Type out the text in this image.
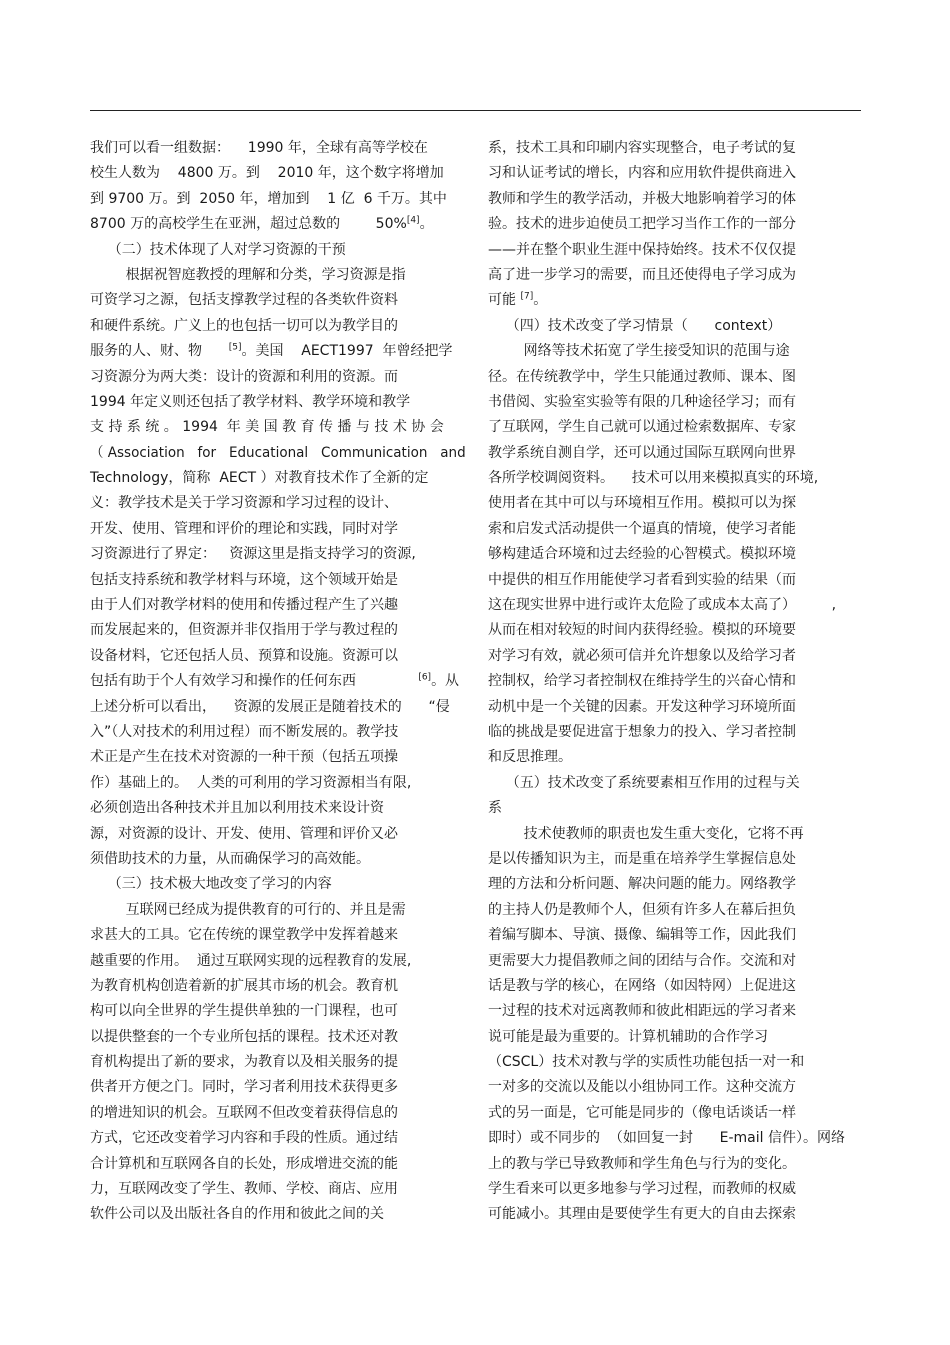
我们可以看一组数据：    1990 年，全球有高等学校在
校生人数为    4800 万。到    2010 年，这个数字将增加
到 9700 万。到  2050 年，增加到    1 亿  6 千万。其中
8700 万的高校学生在亚洲，超过总数的        50%[4]。
（二）技术体现了人对学习资源的干预
根据祝智庭教授的理解和分类，学习资源是指
可资学习之源，包括支撑教学过程的各类软件资料
和硬件系统。广义上的也包括一切可以为教学目的
服务的人、财、物	[5]。美国    AECT1997  年曾经把学
习资源分为两大类：设计的资源和利用的资源。而
1994 年定义则还包括了教学材料、教学环境和教学
支 持 系 统 。 1994  年 美 国 教 育 传 播 与 技 术 协 会
（ Association   for   Educational   Communication   and
Technology，简称  AECT ）对教育技术作了全新的定
义：教学技术是关于学习资源和学习过程的设计、
开发、使用、管理和评价的理论和实践，同时对学
习资源进行了界定：   资源这里是指支持学习的资源,
包括支持系统和教学材料与环境，这个领域开始是
由于人们对教学材料的使用和传播过程产生了兴趣
而发展起来的，但资源并非仅指用于学与教过程的
设备材料，它还包括人员、预算和设施。资源可以
包括有助于个人有效学习和操作的任何东西	[6]。从
上述分析可以看出，    资源的发展正是随着技术的      “侵
入”（人对技术的利用过程）而不断发展的。教学技
术正是产生在技术对资源的一种干预（包括五项操
作）基础上的。  人类的可利用的学习资源相当有限,
必须创造出各种技术并且加以利用技术来设计资
源，对资源的设计、开发、使用、管理和评价又必
须借助技术的力量，从而确保学习的高效能。
（三）技术极大地改变了学习的内容
互联网已经成为提供教育的可行的、并且是需
求甚大的工具。它在传统的课堂教学中发挥着越来
越重要的作用。  通过互联网实现的远程教育的发展,
为教育机构创造着新的扩展其市场的机会。教育机
构可以向全世界的学生提供单独的一门课程，也可
以提供整套的一个专业所包括的课程。技术还对教
育机构提出了新的要求，为教育以及相关服务的提
供者开方便之门。同时，学习者利用技术获得更多
的增进知识的机会。互联网不但改变着获得信息的
方式，它还改变着学习内容和手段的性质。通过结
合计算机和互联网各自的长处，形成增进交流的能
力，互联网改变了学生、教师、学校、商店、应用
软件公司以及出版社各自的作用和彼此之间的关
系，技术工具和印刷内容实现整合，电子考试的复
习和认证考试的增长，内容和应用软件提供商进入
教师和学生的教学活动，并极大地影响着学习的体
验。技术的进步迫使员工把学习当作工作的一部分
——并在整个职业生涯中保持始终。技术不仅仅提
高了进一步学习的需要，而且还使得电子学习成为
可能 [7]。
（四）技术改变了学习情景（      context）
网络等技术拓宽了学生接受知识的范围与途
径。在传统教学中，学生只能通过教师、课本、图
书借阅、实验室实验等有限的几种途径学习；而有
了互联网，学生自己就可以通过检索数据库、专家
教学系统自测自学，还可以通过国际互联网向世界
各所学校调阅资料。    技术可以用来模拟真实的环境,
使用者在其中可以与环境相互作用。模拟可以为探
索和启发式活动提供一个逼真的情境，使学习者能
够构建适合环境和过去经验的心智模式。模拟环境
中提供的相互作用能使学习者看到实验的结果（而
这在现实世界中进行或许太危险了或成本太高了）	,
从而在相对较短的时间内获得经验。模拟的环境要
对学习有效，就必须可信并允许想象以及给学习者
控制权，给学习者控制权在维持学生的兴奋心情和
动机中是一个关键的因素。开发这种学习环境所面
临的挑战是要促进富于想象力的投入、学习者控制
和反思推理。
（五）技术改变了系统要素相互作用的过程与关
系
技术使教师的职责也发生重大变化，它将不再
是以传播知识为主，而是重在培养学生掌握信息处
理的方法和分析问题、解决问题的能力。网络教学
的主持人仍是教师个人，但须有许多人在幕后担负
着编写脚本、导演、摄像、编辑等工作，因此我们
更需要大力提倡教师之间的团结与合作。交流和对
话是教与学的核心，在网络（如因特网）上促进这
一过程的技术对远离教师和彼此相距远的学习者来
说可能是最为重要的。计算机辅助的合作学习
（CSCL）技术对教与学的实质性功能包括一对一和
一对多的交流以及能以小组协同工作。这种交流方
式的另一面是，它可能是同步的（像电话谈话一样
即时）或不同步的  （如回复一封      E-mail 信件）。网络
上的教与学已导致教师和学生角色与行为的变化。
学生看来可以更多地参与学习过程，而教师的权威
可能减小。其理由是要使学生有更大的自由去探索
